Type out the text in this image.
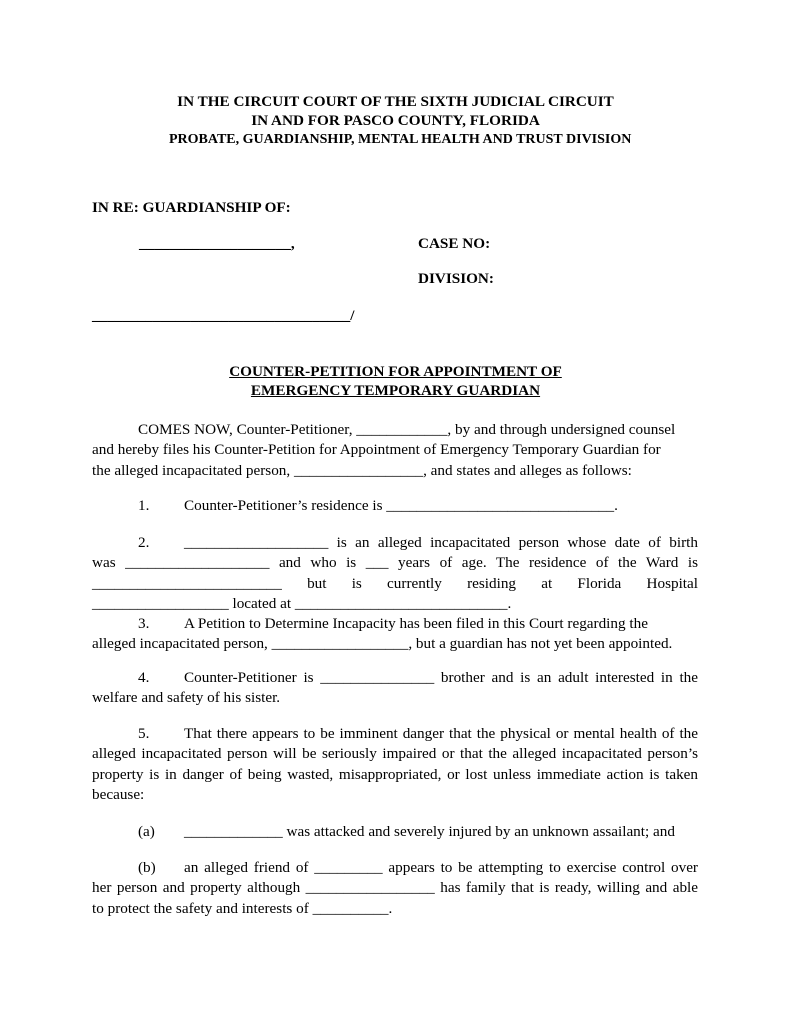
IN THE CIRCUIT COURT OF THE SIXTH JUDICIAL CIRCUIT
IN AND FOR PASCO COUNTY, FLORIDA
PROBATE, GUARDIANSHIP, MENTAL HEALTH AND TRUST DIVISION
IN RE: GUARDIANSHIP OF:
____________________,	CASE NO:
DIVISION:
__________________________________/
COUNTER-PETITION FOR APPOINTMENT OF
EMERGENCY TEMPORARY GUARDIAN
COMES NOW, Counter-Petitioner, ____________, by and through undersigned counsel
and hereby files his Counter-Petition for Appointment of Emergency Temporary Guardian for
the alleged incapacitated person, _________________, and states and alleges as follows:
1. Counter-Petitioner’s residence is ______________________________.
2. ___________________ is an alleged incapacitated person whose date of birth
was ___________________ and who is ___ years of age. The residence of the Ward is
_________________________ but is currently residing at Florida Hospital
__________________ located at ____________________________.
3. A Petition to Determine Incapacity has been filed in this Court regarding the
alleged incapacitated person, __________________, but a guardian has not yet been appointed.
4. Counter-Petitioner is _______________ brother and is an adult interested in the
welfare and safety of his sister.
5. That there appears to be imminent danger that the physical or mental health of the
alleged incapacitated person will be seriously impaired or that the alleged incapacitated person’s
property is in danger of being wasted, misappropriated, or lost unless immediate action is taken
because:
(a) _____________ was attacked and severely injured by an unknown assailant; and
(b) an alleged friend of _________ appears to be attempting to exercise control over
her person and property although _________________ has family that is ready, willing and able
to protect the safety and interests of __________.
